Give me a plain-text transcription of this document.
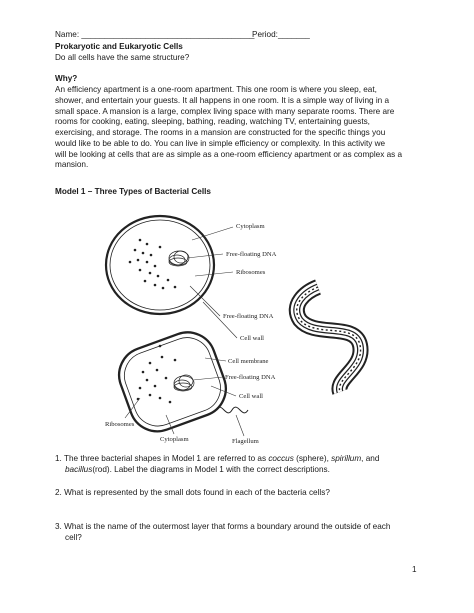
Name: ______________________________________
Period:_______
Prokaryotic and Eukaryotic Cells
Do all cells have the same structure?
Why?
An efficiency apartment is a one-room apartment. This one room is where you sleep, eat,
shower, and entertain your guests. It all happens in one room. It is a simple way of living in a
small space. A mansion is a large, complex living space with many separate rooms. There are
rooms for cooking, eating, sleeping, bathing, reading, watching TV, entertaining guests,
exercising, and storage. The rooms in a mansion are constructed for the specific things you
would like to be able to do. You can live in simple efficiency or complexity. In this activity we
will be looking at cells that are as simple as a one-room efficiency apartment or as complex as a
mansion.
Model 1 – Three Types of Bacterial Cells
Cytoplasm
Free-floating DNA
Ribosomes
Free-floating DNA
Cell wall
Cell membrane
Free-floating DNA
Cell wall
Ribosomes
Cytoplasm	Flagellum
1. The three bacterial shapes in Model 1 are referred to as coccus (sphere), spirillum, and
bacillus(rod). Label the diagrams in Model 1 with the correct descriptions.
2. What is represented by the small dots found in each of the bacteria cells?
3. What is the name of the outermost layer that forms a boundary around the outside of each
cell?
1
